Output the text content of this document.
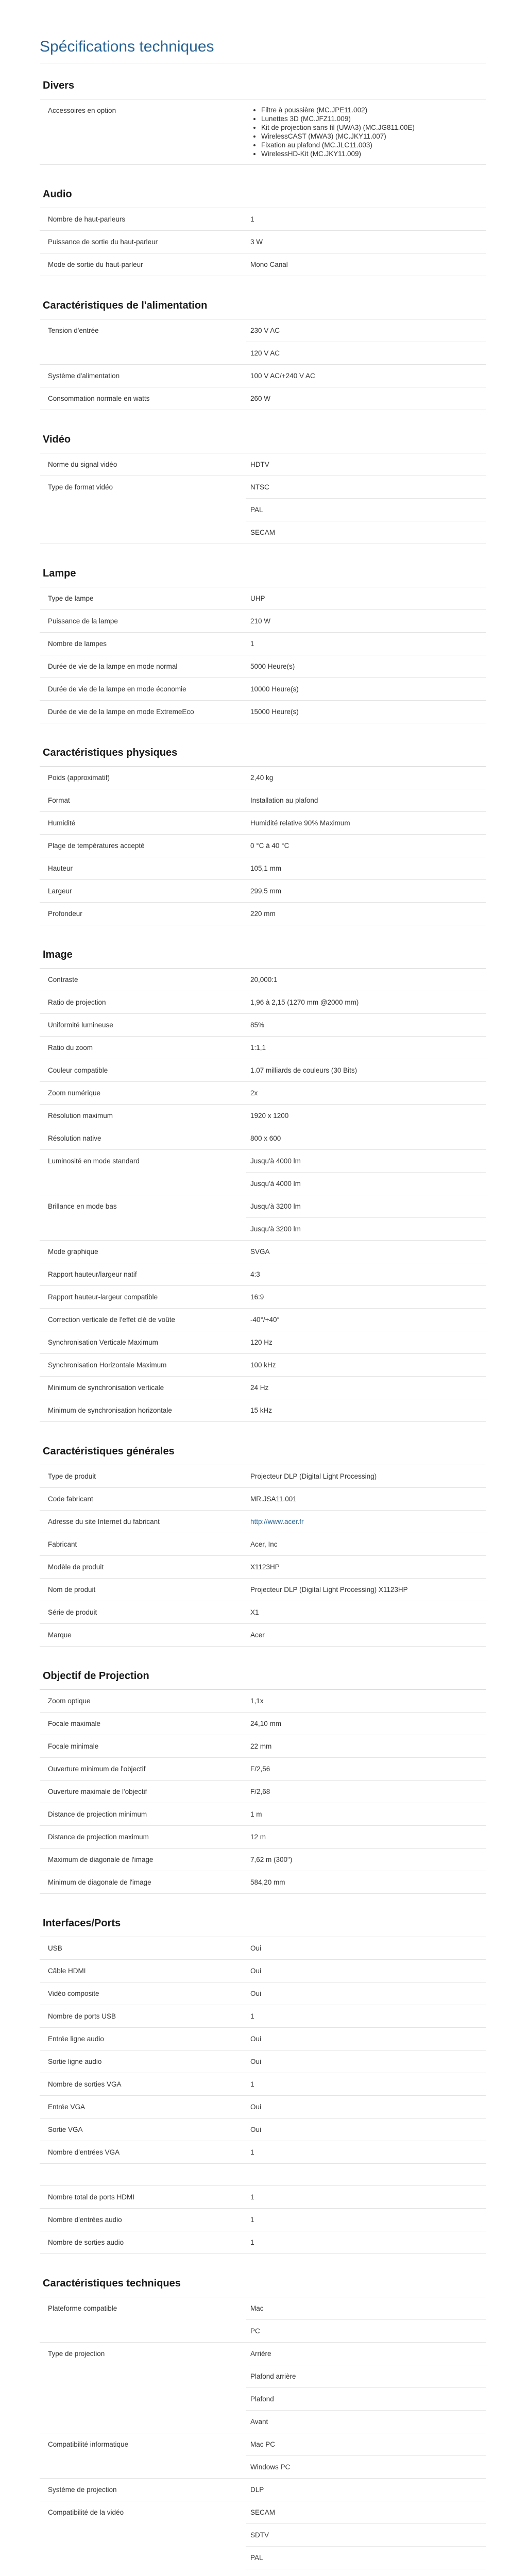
Spécifications techniques
Divers
Accessoires en option	• Filtre à poussière (MC.JPE11.002)
• Lunettes 3D (MC.JFZ11.009)
• Kit de projection sans fil (UWA3) (MC.JG811.00E)
• WirelessCAST (MWA3) (MC.JKY11.007)
• Fixation au plafond (MC.JLC11.003)
• WirelessHD-Kit (MC.JKY11.009)
Audio
Nombre de haut-parleurs	1
Puissance de sortie du haut-parleur	3 W
Mode de sortie du haut-parleur	Mono Canal
Caractéristiques de l'alimentation
Tension d'entrée	230 V AC
120 V AC
Système d'alimentation	100 V AC/+240 V AC
Consommation normale en watts	260 W
Vidéo
Norme du signal vidéo	HDTV
Type de format vidéo	NTSC
PAL
SECAM
Lampe
Type de lampe	UHP
Puissance de la lampe	210 W
Nombre de lampes	1
Durée de vie de la lampe en mode normal	5000 Heure(s)
Durée de vie de la lampe en mode économie	10000 Heure(s)
Durée de vie de la lampe en mode ExtremeEco	15000 Heure(s)
Caractéristiques physiques
Poids (approximatif)	2,40 kg
Format	Installation au plafond
Humidité	Humidité relative 90% Maximum
Plage de températures accepté	0 °C à 40 °C
Hauteur	105,1 mm
Largeur	299,5 mm
Profondeur	220 mm
Image
Contraste	20,000:1
Ratio de projection	1,96 à 2,15 (1270 mm @2000 mm)
Uniformité lumineuse	85%
Ratio du zoom	1:1,1
Couleur compatible	1.07 milliards de couleurs (30 Bits)
Zoom numérique	2x
Résolution maximum	1920 x 1200
Résolution native	800 x 600
Luminosité en mode standard	Jusqu'à 4000 lm
Jusqu'à 4000 lm
Brillance en mode bas	Jusqu'à 3200 lm
Jusqu'à 3200 lm
Mode graphique	SVGA
Rapport hauteur/largeur natif	4:3
Rapport hauteur-largeur compatible	16:9
Correction verticale de l'effet clé de voûte	-40°/+40°
Synchronisation Verticale Maximum	120 Hz
Synchronisation Horizontale Maximum	100 kHz
Minimum de synchronisation verticale	24 Hz
Minimum de synchronisation horizontale	15 kHz
Caractéristiques générales
Type de produit	Projecteur DLP (Digital Light Processing)
Code fabricant	MR.JSA11.001
Adresse du site Internet du fabricant	http://www.acer.fr
Fabricant	Acer, Inc
Modèle de produit	X1123HP
Nom de produit	Projecteur DLP (Digital Light Processing) X1123HP
Série de produit	X1
Marque	Acer
Objectif de Projection
Zoom optique	1,1x
Focale maximale	24,10 mm
Focale minimale	22 mm
Ouverture minimum de l'objectif	F/2,56
Ouverture maximale de l'objectif	F/2,68
Distance de projection minimum	1 m
Distance de projection maximum	12 m
Maximum de diagonale de l'image	7,62 m (300")
Minimum de diagonale de l'image	584,20 mm
Interfaces/Ports
USB	Oui
Câble HDMI	Oui
Vidéo composite	Oui
Nombre de ports USB	1
Entrée ligne audio	Oui
Sortie ligne audio	Oui
Nombre de sorties VGA	1
Entrée VGA	Oui
Sortie VGA	Oui
Nombre d'entrées VGA	1
Nombre total de ports HDMI	1
Nombre d'entrées audio	1
Nombre de sorties audio	1
Caractéristiques techniques
Plateforme compatible	Mac
PC
Type de projection	Arrière
Plafond arrière
Plafond
Avant
Compatibilité informatique	Mac PC
Windows PC
Système de projection	DLP
Compatibilité de la vidéo	SECAM
SDTV
PAL
